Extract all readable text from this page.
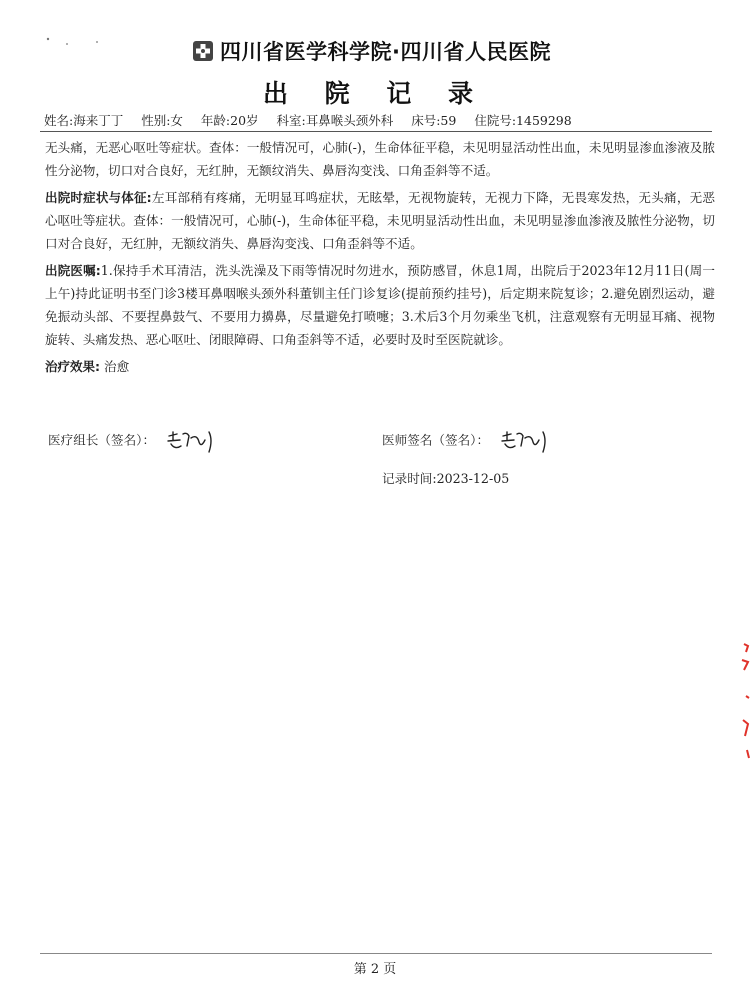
四川省医学科学院·四川省人民医院
出 院 记 录
姓名:海来丁丁 性别:女 年龄:20岁 科室:耳鼻喉头颈外科 床号:59 住院号:1459298

无头痛，无恶心呕吐等症状。查体：一般情况可，心肺(-)，生命体征平稳，未见明显活动性出血，未见明显渗血渗液及脓性分泌物，切口对合良好，无红肿，无额纹消失、鼻唇沟变浅、口角歪斜等不适。

出院时症状与体征:左耳部稍有疼痛，无明显耳鸣症状，无眩晕，无视物旋转，无视力下降，无畏寒发热，无头痛，无恶心呕吐等症状。查体：一般情况可，心肺(-)，生命体征平稳，未见明显活动性出血，未见明显渗血渗液及脓性分泌物，切口对合良好，无红肿，无额纹消失、鼻唇沟变浅、口角歪斜等不适。

出院医嘱:1.保持手术耳清洁，洗头洗澡及下雨等情况时勿进水，预防感冒，休息1周，出院后于2023年12月11日(周一上午)持此证明书至门诊3楼耳鼻咽喉头颈外科董钏主任门诊复诊(提前预约挂号)，后定期来院复诊；2.避免剧烈运动，避免振动头部、不要捏鼻鼓气、不要用力擤鼻，尽量避免打喷嚏；3.术后3个月勿乘坐飞机，注意观察有无明显耳痛、视物旋转、头痛发热、恶心呕吐、闭眼障碍、口角歪斜等不适，必要时及时至医院就诊。

治疗效果: 治愈

医疗组长（签名）：	医师签名（签名）：
记录时间:2023-12-05
第 2 页
